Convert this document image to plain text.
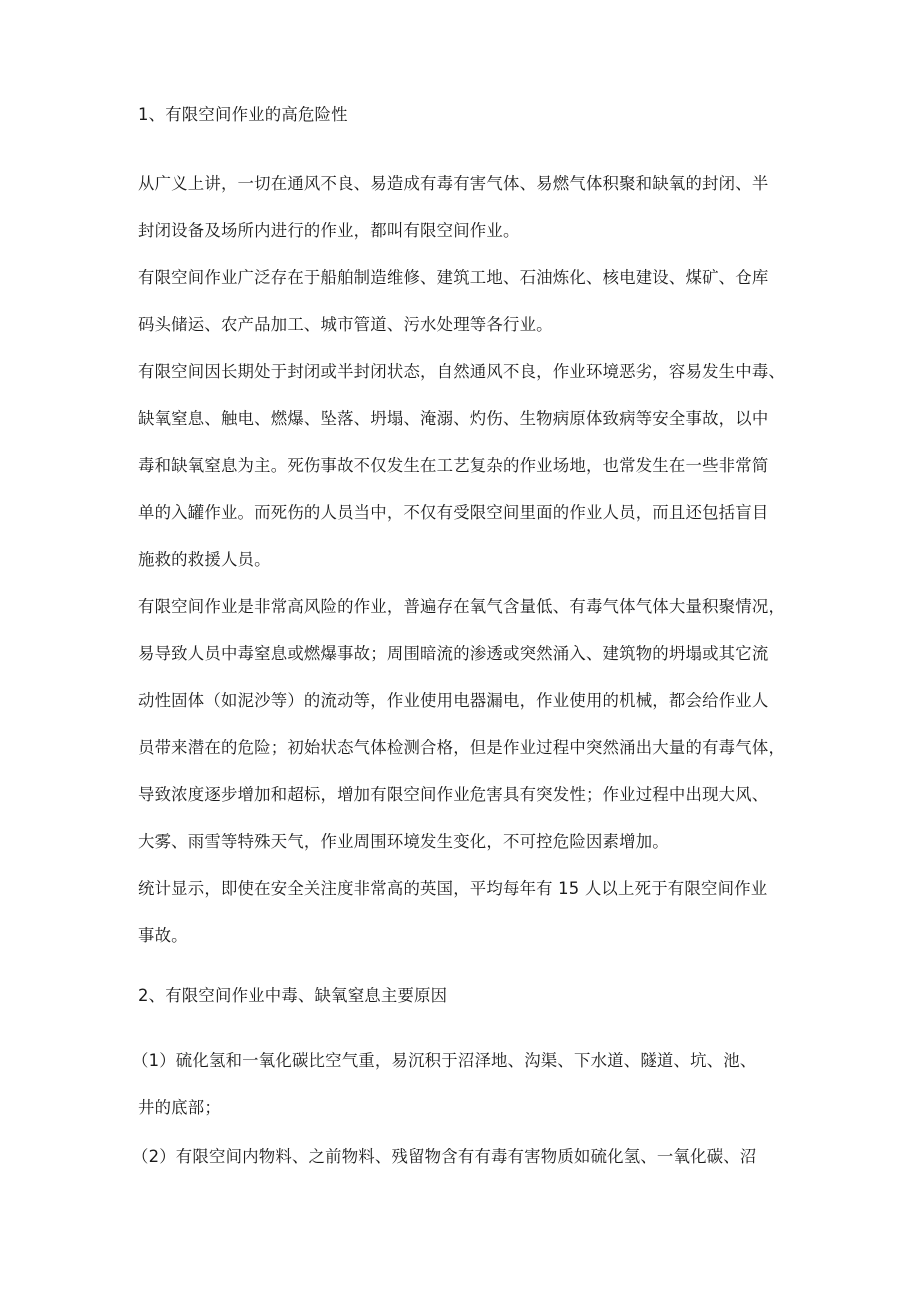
1、有限空间作业的高危险性
从广义上讲，一切在通风不良、易造成有毒有害气体、易燃气体积聚和缺氧的封闭、半
封闭设备及场所内进行的作业，都叫有限空间作业。
有限空间作业广泛存在于船舶制造维修、建筑工地、石油炼化、核电建设、煤矿、仓库
码头储运、农产品加工、城市管道、污水处理等各行业。
有限空间因长期处于封闭或半封闭状态，自然通风不良，作业环境恶劣，容易发生中毒、
缺氧窒息、触电、燃爆、坠落、坍塌、淹溺、灼伤、生物病原体致病等安全事故，以中
毒和缺氧窒息为主。死伤事故不仅发生在工艺复杂的作业场地，也常发生在一些非常简
单的入罐作业。而死伤的人员当中，不仅有受限空间里面的作业人员，而且还包括盲目
施救的救援人员。
有限空间作业是非常高风险的作业，普遍存在氧气含量低、有毒气体气体大量积聚情况，
易导致人员中毒窒息或燃爆事故；周围暗流的渗透或突然涌入、建筑物的坍塌或其它流
动性固体（如泥沙等）的流动等，作业使用电器漏电，作业使用的机械，都会给作业人
员带来潜在的危险；初始状态气体检测合格，但是作业过程中突然涌出大量的有毒气体，
导致浓度逐步增加和超标，增加有限空间作业危害具有突发性；作业过程中出现大风、
大雾、雨雪等特殊天气，作业周围环境发生变化，不可控危险因素增加。
统计显示，即使在安全关注度非常高的英国，平均每年有 15 人以上死于有限空间作业
事故。
2、有限空间作业中毒、缺氧窒息主要原因
（1）硫化氢和一氧化碳比空气重，易沉积于沼泽地、沟渠、下水道、隧道、坑、池、
井的底部；
（2）有限空间内物料、之前物料、残留物含有有毒有害物质如硫化氢、一氧化碳、沼
